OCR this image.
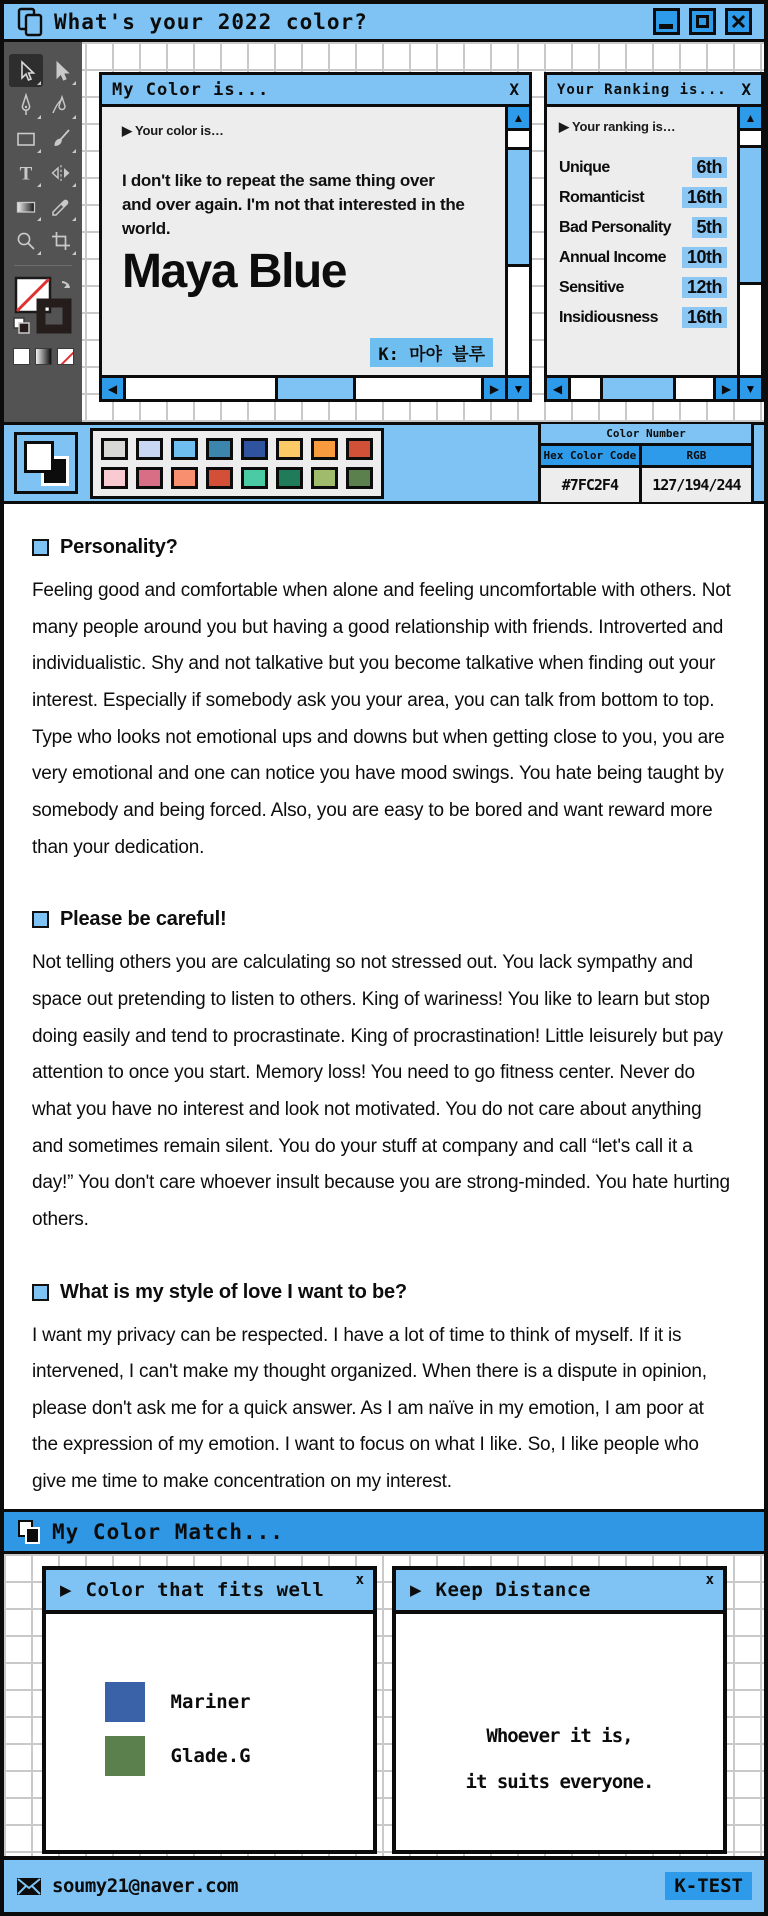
What's your 2022 color?
T
My Color is...	X
▶ Your color is…
I don't like to repeat the same thing over and over again. I'm not that interested in the world.
Maya Blue
K: 마야 블루
▲
◀	▶	▼
Your Ranking is... X
▶ Your ranking is…
Unique	6th
Romanticist 16th
Bad Personality 5th
Annual Income 10th
Sensitive	12th
Insidiousness 16th
▲
◀	▶	▼
Color Number
Hex Color Code	RGB
#7FC2F4	127/194/244
Personality?

Feeling good and comfortable when alone and feeling uncomfortable with others. Not many people around you but having a good relationship with friends. Introverted and individualistic. Shy and not talkative but you become talkative when finding out your interest. Especially if somebody ask you your area, you can talk from bottom to top. Type who looks not emotional ups and downs but when getting close to you, you are very emotional and one can notice you have mood swings. You hate being taught by somebody and being forced. Also, you are easy to be bored and want reward more than your dedication.

Please be careful!

Not telling others you are calculating so not stressed out. You lack sympathy and space out pretending to listen to others. King of wariness! You like to learn but stop doing easily and tend to procrastinate. King of procrastination! Little leisurely but pay attention to once you start. Memory loss! You need to go fitness center. Never do what you have no interest and look not motivated. You do not care about anything and sometimes remain silent. You do your stuff at company and call “let's call it a day!” You don't care whoever insult because you are strong-minded. You hate hurting others.

What is my style of love I want to be?

I want my privacy can be respected. I have a lot of time to think of myself. If it is intervened, I can't make my thought organized. When there is a dispute in opinion, please don't ask me for a quick answer. As I am naïve in my emotion, I am poor at the expression of my emotion. I want to focus on what I like. So, I like people who give me time to make concentration on my interest.

My Color Match...
▶ Color that fits well x
Mariner
Glade.G
▶ Keep Distance	x
Whoever it is,
it suits everyone.
soumy21@naver.com	K-TEST
